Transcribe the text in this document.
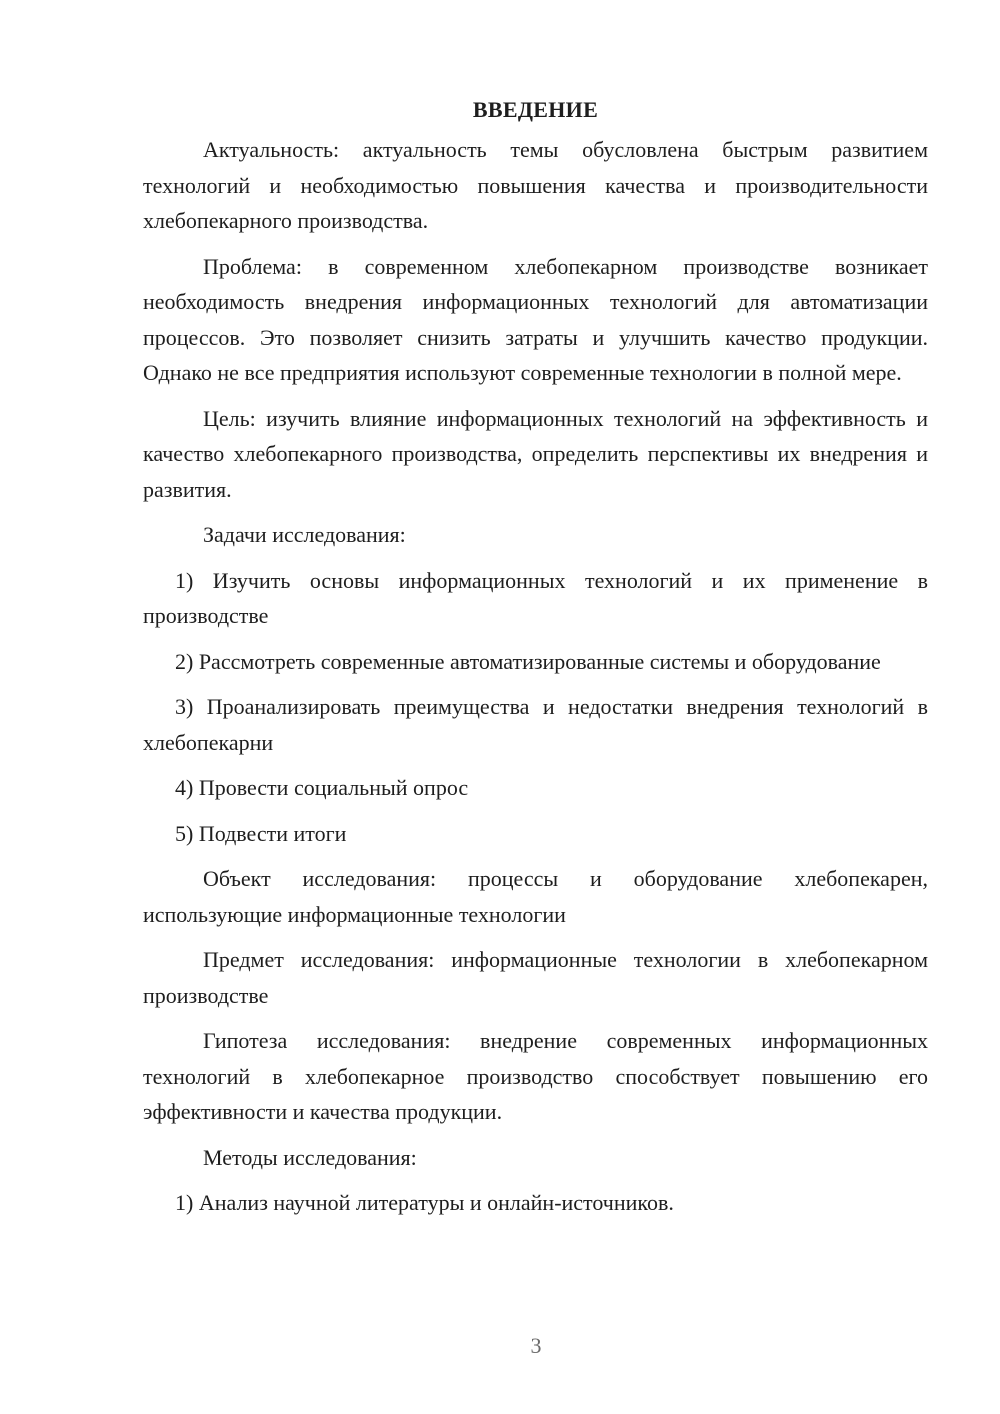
ВВЕДЕНИЕ

Актуальность: актуальность темы обусловлена быстрым развитием технологий и необходимостью повышения качества и производительности хлебопекарного производства.

Проблема: в современном хлебопекарном производстве возникает необходимость внедрения информационных технологий для автоматизации процессов. Это позволяет снизить затраты и улучшить качество продукции. Однако не все предприятия используют современные технологии в полной мере.

Цель: изучить влияние информационных технологий на эффективность и качество хлебопекарного производства, определить перспективы их внедрения и развития.

Задачи исследования:

1) Изучить основы информационных технологий и их применение в производстве

2) Рассмотреть современные автоматизированные системы и оборудование

3) Проанализировать преимущества и недостатки внедрения технологий в хлебопекарни

4) Провести социальный опрос

5) Подвести итоги

Объект исследования: процессы и оборудование хлебопекарен, использующие информационные технологии

Предмет исследования: информационные технологии в хлебопекарном производстве

Гипотеза исследования: внедрение современных информационных технологий в хлебопекарное производство способствует повышению его эффективности и качества продукции.

Методы исследования:

1) Анализ научной литературы и онлайн-источников.

3
